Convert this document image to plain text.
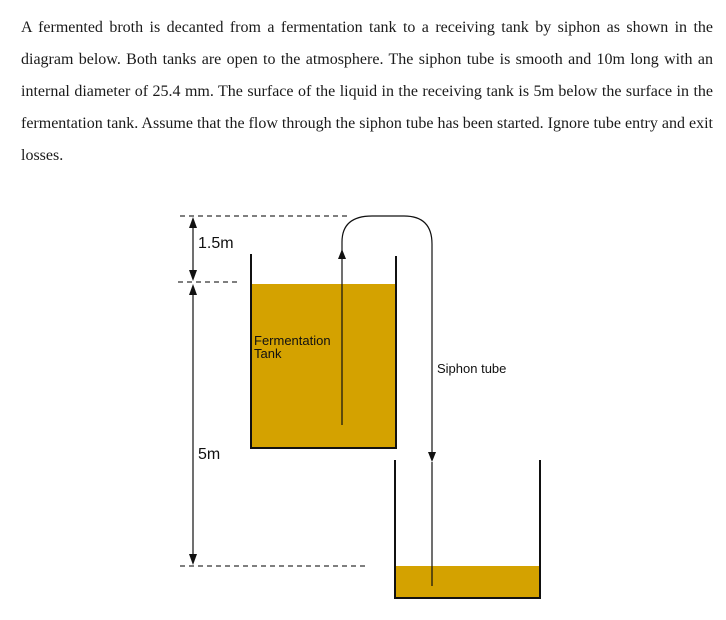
A fermented broth is decanted from a fermentation tank to a receiving tank by siphon as shown in the diagram below. Both tanks are open to the atmosphere. The siphon tube is smooth and 10m long with an internal diameter of 25.4 mm. The surface of the liquid in the receiving tank is 5m below the surface in the fermentation tank. Assume that the flow through the siphon tube has been started. Ignore tube entry and exit losses.

1.5m
5m
Fermentation
Tank
Siphon tube
